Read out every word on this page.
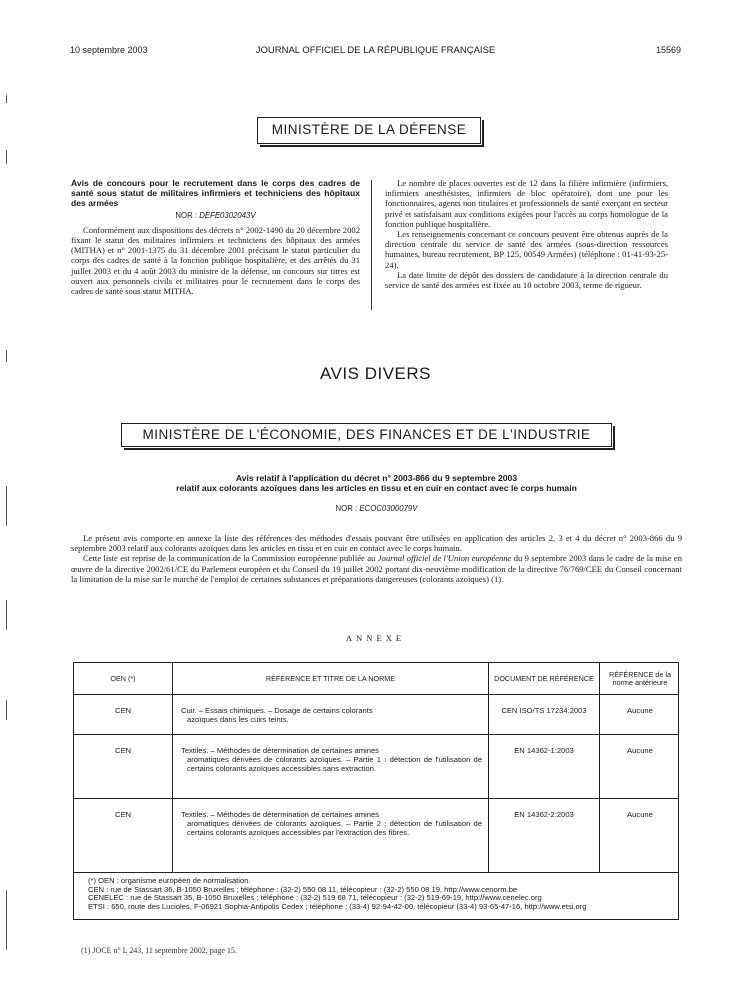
10 septembre 2003	JOURNAL OFFICIEL DE LA RÉPUBLIQUE FRANÇAISE	15569
MINISTÈRE DE LA DÉFENSE
Avis de concours pour le recrutement dans le corps des cadres de santé sous statut de militaires infirmiers et techniciens des hôpitaux des armées
NOR : DEFE0302043V

Conformément aux dispositions des décrets n° 2002-1490 du 20 décembre 2002 fixant le statut des militaires infirmiers et techniciens des hôpitaux des armées (MITHA) et n° 2001-1375 du 31 décembre 2001 précisant le statut particulier du corps des cadres de santé à la fonction publique hospitalière, et des arrêtés du 31 juillet 2003 et du 4 août 2003 du ministre de la défense, un concours sur titres est ouvert aux personnels civils et militaires pour le recrutement dans le corps des cadres de santé sous statut MITHA.

Le nombre de places ouvertes est de 12 dans la filière infirmière (infirmiers, infirmiers anesthésistes, infirmiers de bloc opératoire), dont une pour les fonctionnaires, agents non titulaires et professionnels de santé exerçant en secteur privé et satisfaisant aux conditions exigées pour l'accès au corps homologue de la fonction publique hospitalière.

Les renseignements concernant ce concours peuvent être obtenus auprès de la direction centrale du service de santé des armées (sous-direction ressources humaines, bureau recrutement, BP 125, 00549 Armées) (téléphone : 01-41-93-25-24).

La date limite de dépôt des dossiers de candidature à la direction centrale du service de santé des armées est fixée au 10 octobre 2003, terme de rigueur.

AVIS DIVERS
MINISTÈRE DE L'ÉCONOMIE, DES FINANCES ET DE L'INDUSTRIE
Avis relatif à l'application du décret n° 2003-866 du 9 septembre 2003
relatif aux colorants azoïques dans les articles en tissu et en cuir en contact avec le corps humain
NOR : ECOC0300079V

Le présent avis comporte en annexe la liste des références des méthodes d'essais pouvant être utilisées en application des articles 2, 3 et 4 du décret n° 2003-866 du 9 septembre 2003 relatif aux colorants azoïques dans les articles en tissu et en cuir en contact avec le corps humain.

Cette liste est reprise de la communication de la Commission européenne publiée au Journal officiel de l'Union européenne du 9 septembre 2003 dans le cadre de la mise en œuvre de la directive 2002/61/CE du Parlement européen et du Conseil du 19 juillet 2002 portant dix-neuvième modification de la directive 76/769/CEE du Conseil concernant la limitation de la mise sur le marché de l'emploi de certaines substances et préparations dangereuses (colorants azoïques) (1).

ANNEXE
OEN (*)	RÉFÉRENCE ET TITRE DE LA NORME	DOCUMENT DE RÉFÉRENCE	RÉFÉRENCE de la norme antérieure
CEN	Cuir. – Essais chimiques. – Dosage de certains colorants
azoïques dans les cuirs teints.
CEN ISO/TS 17234:2003	Aucune
CEN	Textiles. – Méthodes de détermination de certaines amines
aromatiques dérivées de colorants azoïques. – Partie 1 : détection de l'utilisation de certains colorants azoïques accessibles sans extraction.
EN 14362-1:2003	Aucune
CEN	Textiles. – Méthodes de détermination de certaines amines
aromatiques dérivées de colorants azoïques. – Partie 2 : détection de l'utilisation de certains colorants azoïques accessibles par l'extraction des fibres.
EN 14362-2:2003	Aucune
(*) OEN : organisme européen de normalisation.
CEN : rue de Stassart 36, B-1050 Bruxelles ; téléphone : (32-2) 550 08 11, télécopieur : (32-2) 550 08 19, http://www.cenorm.be
CENELEC : rue de Stassart 35, B-1050 Bruxelles ; téléphone : (32-2) 519 68 71, télécopieur : (32-2) 519-69-19, http://www.cenelec.org
ETSI : 650, route des Lucioles, F-06921 Sophia-Antipolis Cedex ; téléphone : (33-4) 92-94-42-00, télécopieur (33-4) 93-65-47-16, http://www.etsi.org
(1) JOCE n° L 243, 11 septembre 2002, page 15.
